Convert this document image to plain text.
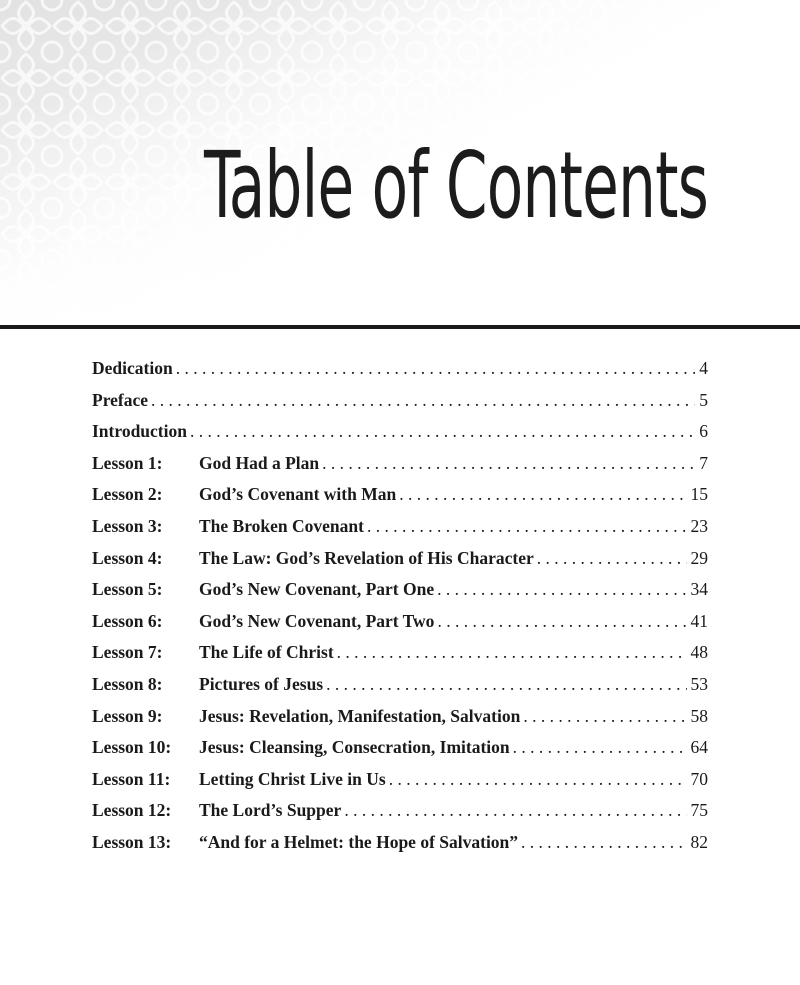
Table of Contents
Dedication . . .	4
Preface . . .	5
Introduction . . .	6
Lesson 1:	God Had a Plan . . .	7
Lesson 2:	God’s Covenant with Man . . .	15
Lesson 3:	The Broken Covenant . . .	23
Lesson 4:	The Law: God’s Revelation of His Character . . .	29
Lesson 5:	God’s New Covenant, Part One . . .	34
Lesson 6:	God’s New Covenant, Part Two . . .	41
Lesson 7:	The Life of Christ . . .	48
Lesson 8:	Pictures of Jesus . . .	53
Lesson 9:	Jesus: Revelation, Manifestation, Salvation . . .	58
Lesson 10:	Jesus: Cleansing, Consecration, Imitation . . .	64
Lesson 11:	Letting Christ Live in Us . . .	70
Lesson 12:	The Lord’s Supper . . .	75
Lesson 13:	“And for a Helmet: the Hope of Salvation” . . .	82
